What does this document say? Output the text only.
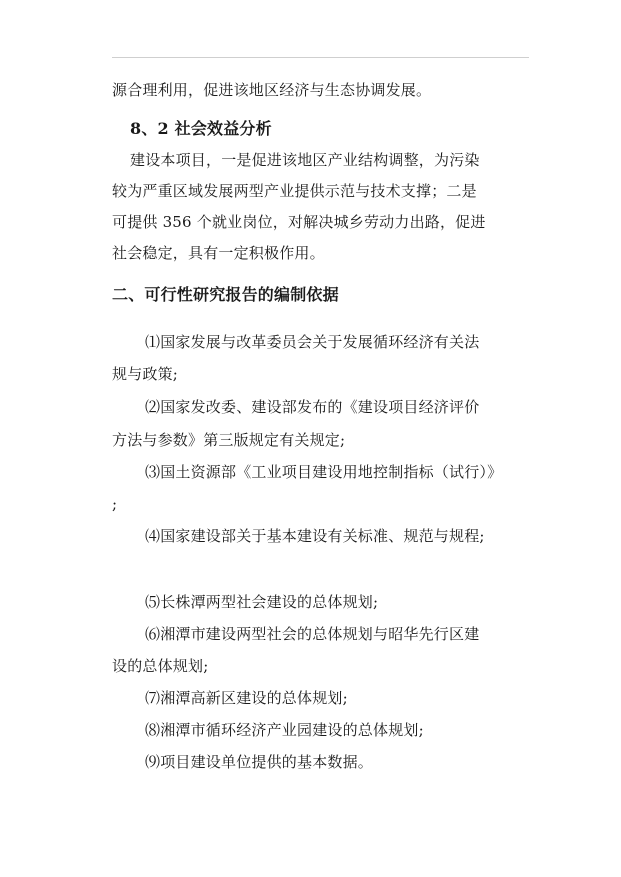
源合理利用，促进该地区经济与生态协调发展。
8、2 社会效益分析
建设本项目，一是促进该地区产业结构调整，为污染
较为严重区域发展两型产业提供示范与技术支撑；二是
可提供 356 个就业岗位，对解决城乡劳动力出路，促进
社会稳定，具有一定积极作用。
二、可行性研究报告的编制依据
⑴国家发展与改革委员会关于发展循环经济有关法
规与政策;
⑵国家发改委、建设部发布的《建设项目经济评价
方法与参数》第三版规定有关规定;
⑶国土资源部《工业项目建设用地控制指标（试行）》
;
⑷国家建设部关于基本建设有关标准、规范与规程;
⑸长株潭两型社会建设的总体规划;
⑹湘潭市建设两型社会的总体规划与昭华先行区建
设的总体规划;
⑺湘潭高新区建设的总体规划;
⑻湘潭市循环经济产业园建设的总体规划;
⑼项目建设单位提供的基本数据。
